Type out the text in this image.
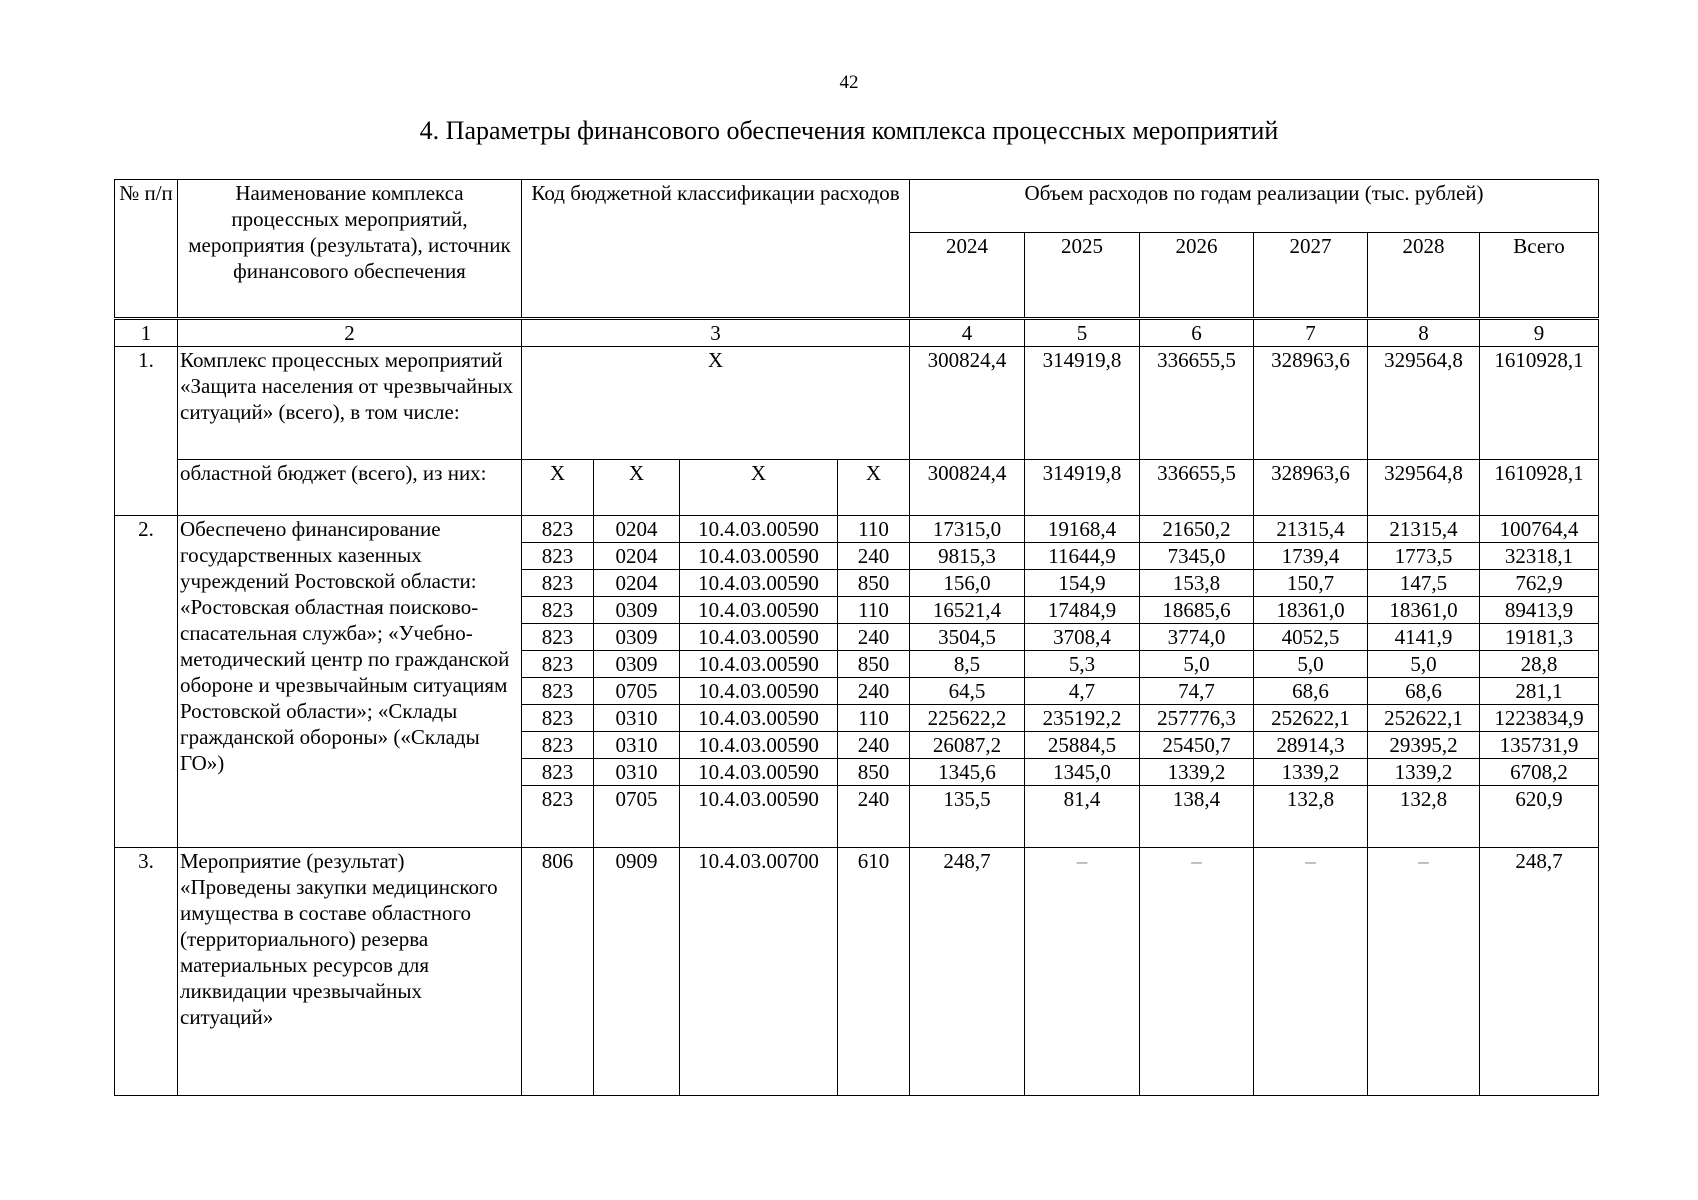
42
4. Параметры финансового обеспечения комплекса процессных мероприятий
№ п/п	Наименование комплекса процессных мероприятий, мероприятия (результата), источник финансового обеспечения	Код бюджетной классификации расходов				Объем расходов по годам реализации (тыс. рублей)					
						2024	2025	2026	2027	2028	Всего
1	2	3				4	5	6	7	8	9
1.	Комплекс процессных мероприятий «Защита населения от чрезвычайных ситуаций» (всего), в том числе:	Х				300824,4	314919,8	336655,5	328963,6	329564,8	1610928,1
	областной бюджет (всего), из них:	Х	Х	Х	Х	300824,4	314919,8	336655,5	328963,6	329564,8	1610928,1
2.	Обеспечено финансирование государственных казенных учреждений Ростовской области: «Ростовская областная поисково-спасательная служба»; «Учебно-методический центр по гражданской обороне и чрезвычайным ситуациям Ростовской области»; «Склады гражданской обороны» («Склады ГО»)	823	0204	10.4.03.00590	110	17315,0	19168,4	21650,2	21315,4	21315,4	100764,4
		823	0204	10.4.03.00590	240	9815,3	11644,9	7345,0	1739,4	1773,5	32318,1
		823	0204	10.4.03.00590	850	156,0	154,9	153,8	150,7	147,5	762,9
		823	0309	10.4.03.00590	110	16521,4	17484,9	18685,6	18361,0	18361,0	89413,9
		823	0309	10.4.03.00590	240	3504,5	3708,4	3774,0	4052,5	4141,9	19181,3
		823	0309	10.4.03.00590	850	8,5	5,3	5,0	5,0	5,0	28,8
		823	0705	10.4.03.00590	240	64,5	4,7	74,7	68,6	68,6	281,1
		823	0310	10.4.03.00590	110	225622,2	235192,2	257776,3	252622,1	252622,1	1223834,9
		823	0310	10.4.03.00590	240	26087,2	25884,5	25450,7	28914,3	29395,2	135731,9
		823	0310	10.4.03.00590	850	1345,6	1345,0	1339,2	1339,2	1339,2	6708,2
		823	0705	10.4.03.00590	240	135,5	81,4	138,4	132,8	132,8	620,9
3.	Мероприятие (результат) «Проведены закупки медицинского имущества в составе областного (территориального) резерва материальных ресурсов для ликвидации чрезвычайных ситуаций»	806	0909	10.4.03.00700	610	248,7	–	–	–	–	248,7
